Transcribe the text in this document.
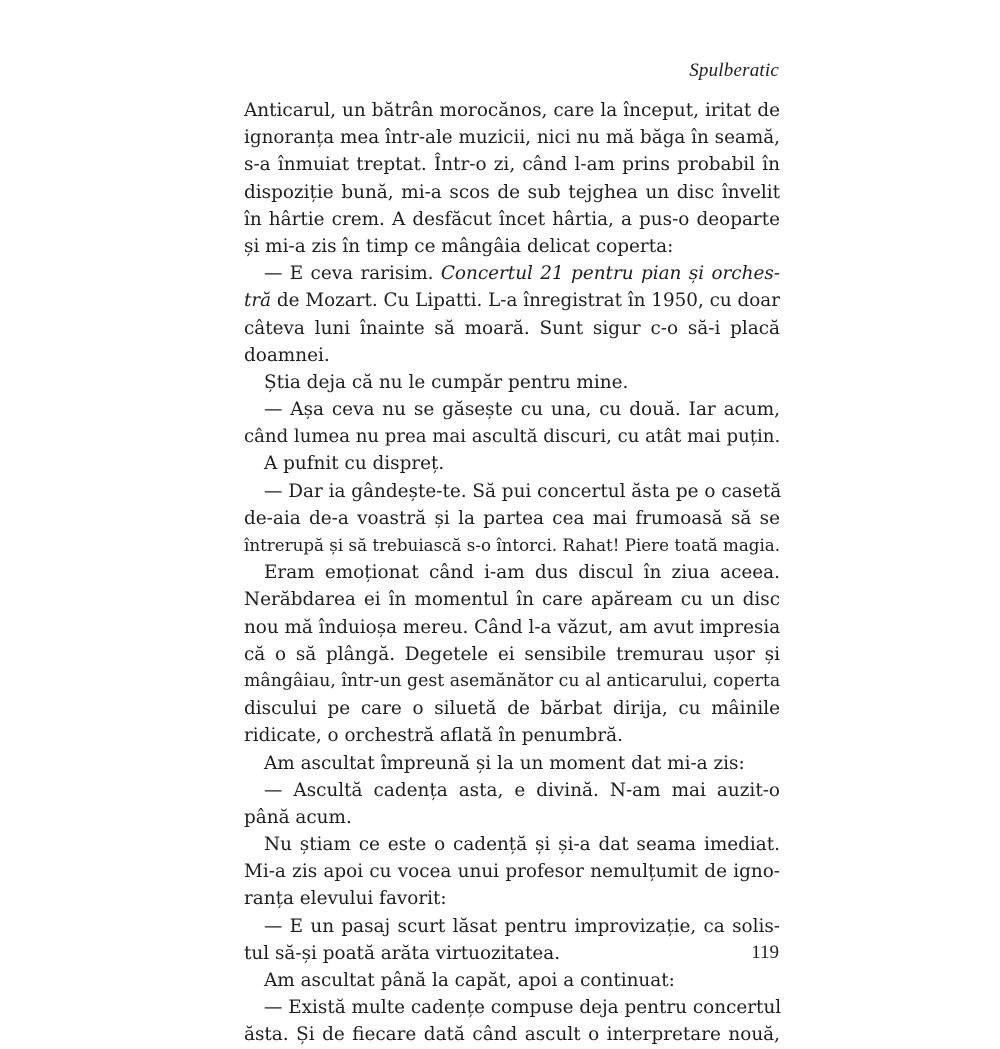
Spulberatic
Anticarul, un bătrân morocănos, care la început, iritat de
ignoranța mea într-ale muzicii, nici nu mă băga în seamă,
s-a înmuiat treptat. Într-o zi, când l-am prins probabil în
dispoziție bună, mi-a scos de sub tejghea un disc învelit
în hârtie crem. A desfăcut încet hârtia, a pus-o deoparte
și mi-a zis în timp ce mângâia delicat coperta:
— E ceva rarisim. Concertul 21 pentru pian și orches-
tră de Mozart. Cu Lipatti. L-a înregistrat în 1950, cu doar
câteva luni înainte să moară. Sunt sigur c-o să-i placă
doamnei.
Știa deja că nu le cumpăr pentru mine.
— Așa ceva nu se găsește cu una, cu două. Iar acum,
când lumea nu prea mai ascultă discuri, cu atât mai puțin.
A pufnit cu dispreț.
— Dar ia gândește-te. Să pui concertul ăsta pe o casetă
de-aia de-a voastră și la partea cea mai frumoasă să se
întrerupă și să trebuiască s-o întorci. Rahat! Piere toată magia.
Eram emoționat când i-am dus discul în ziua aceea.
Nerăbdarea ei în momentul în care apăream cu un disc
nou mă înduioșa mereu. Când l-a văzut, am avut impresia
că o să plângă. Degetele ei sensibile tremurau ușor și
mângâiau, într-un gest asemănător cu al anticarului, coperta
discului pe care o siluetă de bărbat dirija, cu mâinile
ridicate, o orchestră aflată în penumbră.
Am ascultat împreună și la un moment dat mi-a zis:
— Ascultă cadența asta, e divină. N-am mai auzit-o
până acum.
Nu știam ce este o cadență și și-a dat seama imediat.
Mi-a zis apoi cu vocea unui profesor nemulțumit de igno-
ranța elevului favorit:
— E un pasaj scurt lăsat pentru improvizație, ca solis-
tul să-și poată arăta virtuozitatea.
Am ascultat până la capăt, apoi a continuat:
— Există multe cadențe compuse deja pentru concertul
ăsta. Și de fiecare dată când ascult o interpretare nouă,
119
